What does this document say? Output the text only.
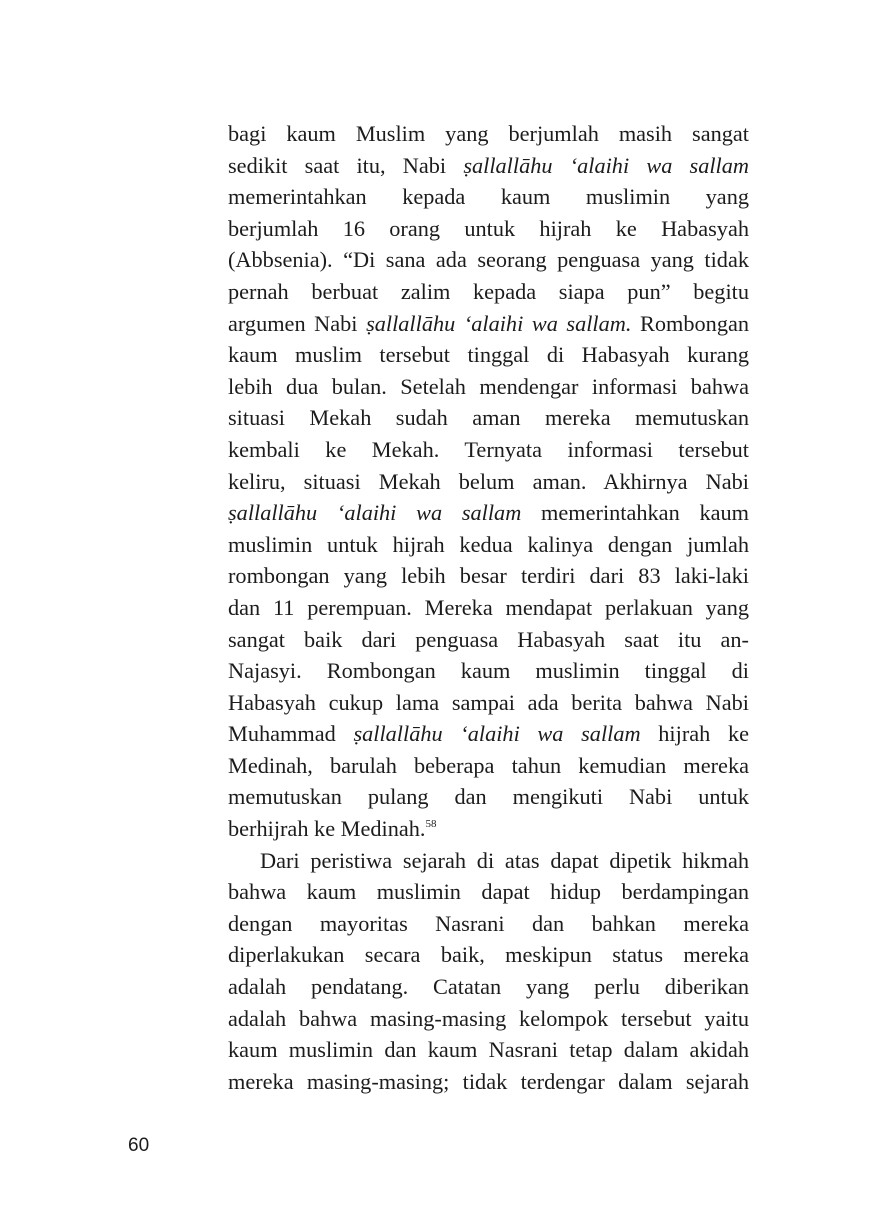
bagi kaum Muslim yang berjumlah masih sangat
sedikit saat itu, Nabi ṣallallāhu ‘alaihi wa sallam
memerintahkan kepada kaum muslimin yang
berjumlah 16 orang untuk hijrah ke Habasyah
(Abbsenia). “Di sana ada seorang penguasa yang tidak
pernah berbuat zalim kepada siapa pun” begitu
argumen Nabi ṣallallāhu ‘alaihi wa sallam. Rombongan
kaum muslim tersebut tinggal di Habasyah kurang
lebih dua bulan. Setelah mendengar informasi bahwa
situasi Mekah sudah aman mereka memutuskan
kembali ke Mekah. Ternyata informasi tersebut
keliru, situasi Mekah belum aman. Akhirnya Nabi
ṣallallāhu ‘alaihi wa sallam memerintahkan kaum
muslimin untuk hijrah kedua kalinya dengan jumlah
rombongan yang lebih besar terdiri dari 83 laki-laki
dan 11 perempuan. Mereka mendapat perlakuan yang
sangat baik dari penguasa Habasyah saat itu an-
Najasyi. Rombongan kaum muslimin tinggal di
Habasyah cukup lama sampai ada berita bahwa Nabi
Muhammad ṣallallāhu ‘alaihi wa sallam hijrah ke
Medinah, barulah beberapa tahun kemudian mereka
memutuskan pulang dan mengikuti Nabi untuk
berhijrah ke Medinah.$^{58}$
Dari peristiwa sejarah di atas dapat dipetik hikmah
bahwa kaum muslimin dapat hidup berdampingan
dengan mayoritas Nasrani dan bahkan mereka
diperlakukan secara baik, meskipun status mereka
adalah pendatang. Catatan yang perlu diberikan
adalah bahwa masing-masing kelompok tersebut yaitu
kaum muslimin dan kaum Nasrani tetap dalam akidah
mereka masing-masing; tidak terdengar dalam sejarah
60
